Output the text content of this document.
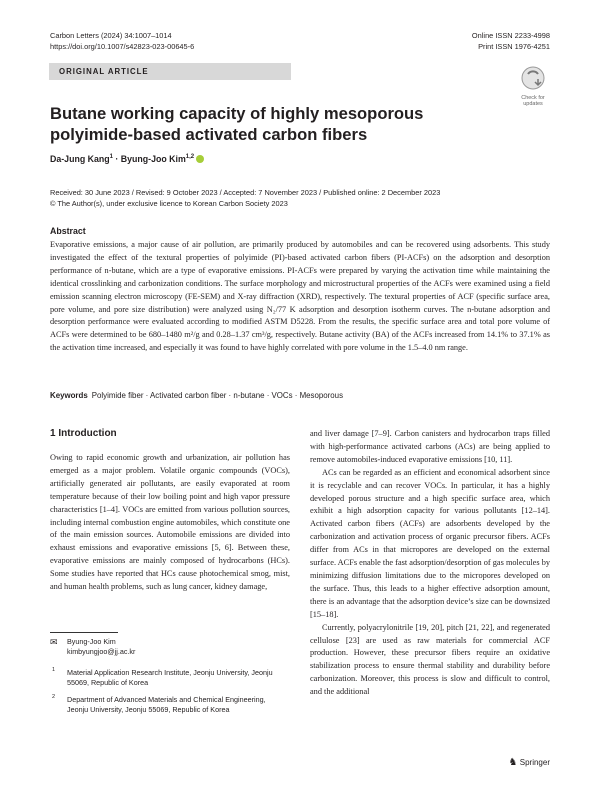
Carbon Letters (2024) 34:1007–1014
https://doi.org/10.1007/s42823-023-00645-6
Online ISSN 2233-4998
Print ISSN 1976-4251
ORIGINAL ARTICLE
Check for
updates
Butane working capacity of highly mesoporous polyimide-based activated carbon fibers
Da-Jung Kang$^1$ · Byung-Joo Kim$^{1,2}$
Received: 30 June 2023 / Revised: 9 October 2023 / Accepted: 7 November 2023 / Published online: 2 December 2023
© The Author(s), under exclusive licence to Korean Carbon Society 2023
Abstract
Evaporative emissions, a major cause of air pollution, are primarily produced by automobiles and can be recovered using adsorbents. This study investigated the effect of the textural properties of polyimide (PI)-based activated carbon fibers (PI-ACFs) on the adsorption and desorption performance of n-butane, which are a type of evaporative emissions. PI-ACFs were prepared by varying the activation time while maintaining the identical crosslinking and carbonization conditions. The surface morphology and microstructural properties of the ACFs were examined using a field emission scanning electron microscopy (FE-SEM) and X-ray diffraction (XRD), respectively. The textural properties of ACF (specific surface area, pore volume, and pore size distribution) were analyzed using N₂/77 K adsorption and desorption isotherm curves. The n-butane adsorption and desorption performance were evaluated according to modified ASTM D5228. From the results, the specific surface area and total pore volume of ACFs were determined to be 680–1480 m²/g and 0.28–1.37 cm³/g, respectively. Butane activity (BA) of the ACFs increased from 14.1% to 37.1% as the activation time increased, and especially it was found to have highly correlated with pore volume in the 1.5–4.0 nm range.
Keywords Polyimide fiber · Activated carbon fiber · n-butane · VOCs · Mesoporous
1 Introduction

Owing to rapid economic growth and urbanization, air pollution has emerged as a major problem. Volatile organic compounds (VOCs), artificially generated air pollutants, are easily evaporated at room temperature because of their low boiling point and high vapor pressure characteristics [1–4]. VOCs are emitted from various pollution sources, including internal combustion engine automobiles, which constitute one of the main emission sources. Automobile emissions are divided into exhaust emissions and evaporative emissions [5, 6]. Between these, evaporative emissions are mainly composed of hydrocarbons (HCs). Some studies have reported that HCs cause photochemical smog, mist, and human health problems, such as lung cancer, kidney damage,

and liver damage [7–9]. Carbon canisters and hydrocarbon traps filled with high-performance activated carbons (ACs) are being applied to remove automobiles-induced evaporative emissions [10, 11].

ACs can be regarded as an efficient and economical adsorbent since it is recyclable and can recover VOCs. In particular, it has a highly developed porous structure and a high specific surface area, which exhibit a high adsorption capacity for various pollutants [12–14]. Activated carbon fibers (ACFs) are adsorbents developed by the carbonization and activation process of organic precursor fibers. ACFs differ from ACs in that micropores are developed on the external surface. ACFs enable the fast adsorption/desorption of gas molecules by minimizing diffusion limitations due to the micropores developed on the surface. Thus, this leads to a higher effective adsorption amount, there is an advantage that the adsorption device’s size can be downsized [15–18].

Currently, polyacrylonitrile [19, 20], pitch [21, 22], and regenerated cellulose [23] are used as raw materials for commercial ACF production. However, these precursor fibers require an oxidative stabilization process to ensure thermal stability and durability before carbonization. Moreover, this process is slow and difficult to control, and the additional

✉ Byung-Joo Kim
kimbyungjoo@jj.ac.kr
1 Material Application Research Institute, Jeonju University, Jeonju 55069, Republic of Korea
2 Department of Advanced Materials and Chemical Engineering, Jeonju University, Jeonju 55069, Republic of Korea
♞ Springer
